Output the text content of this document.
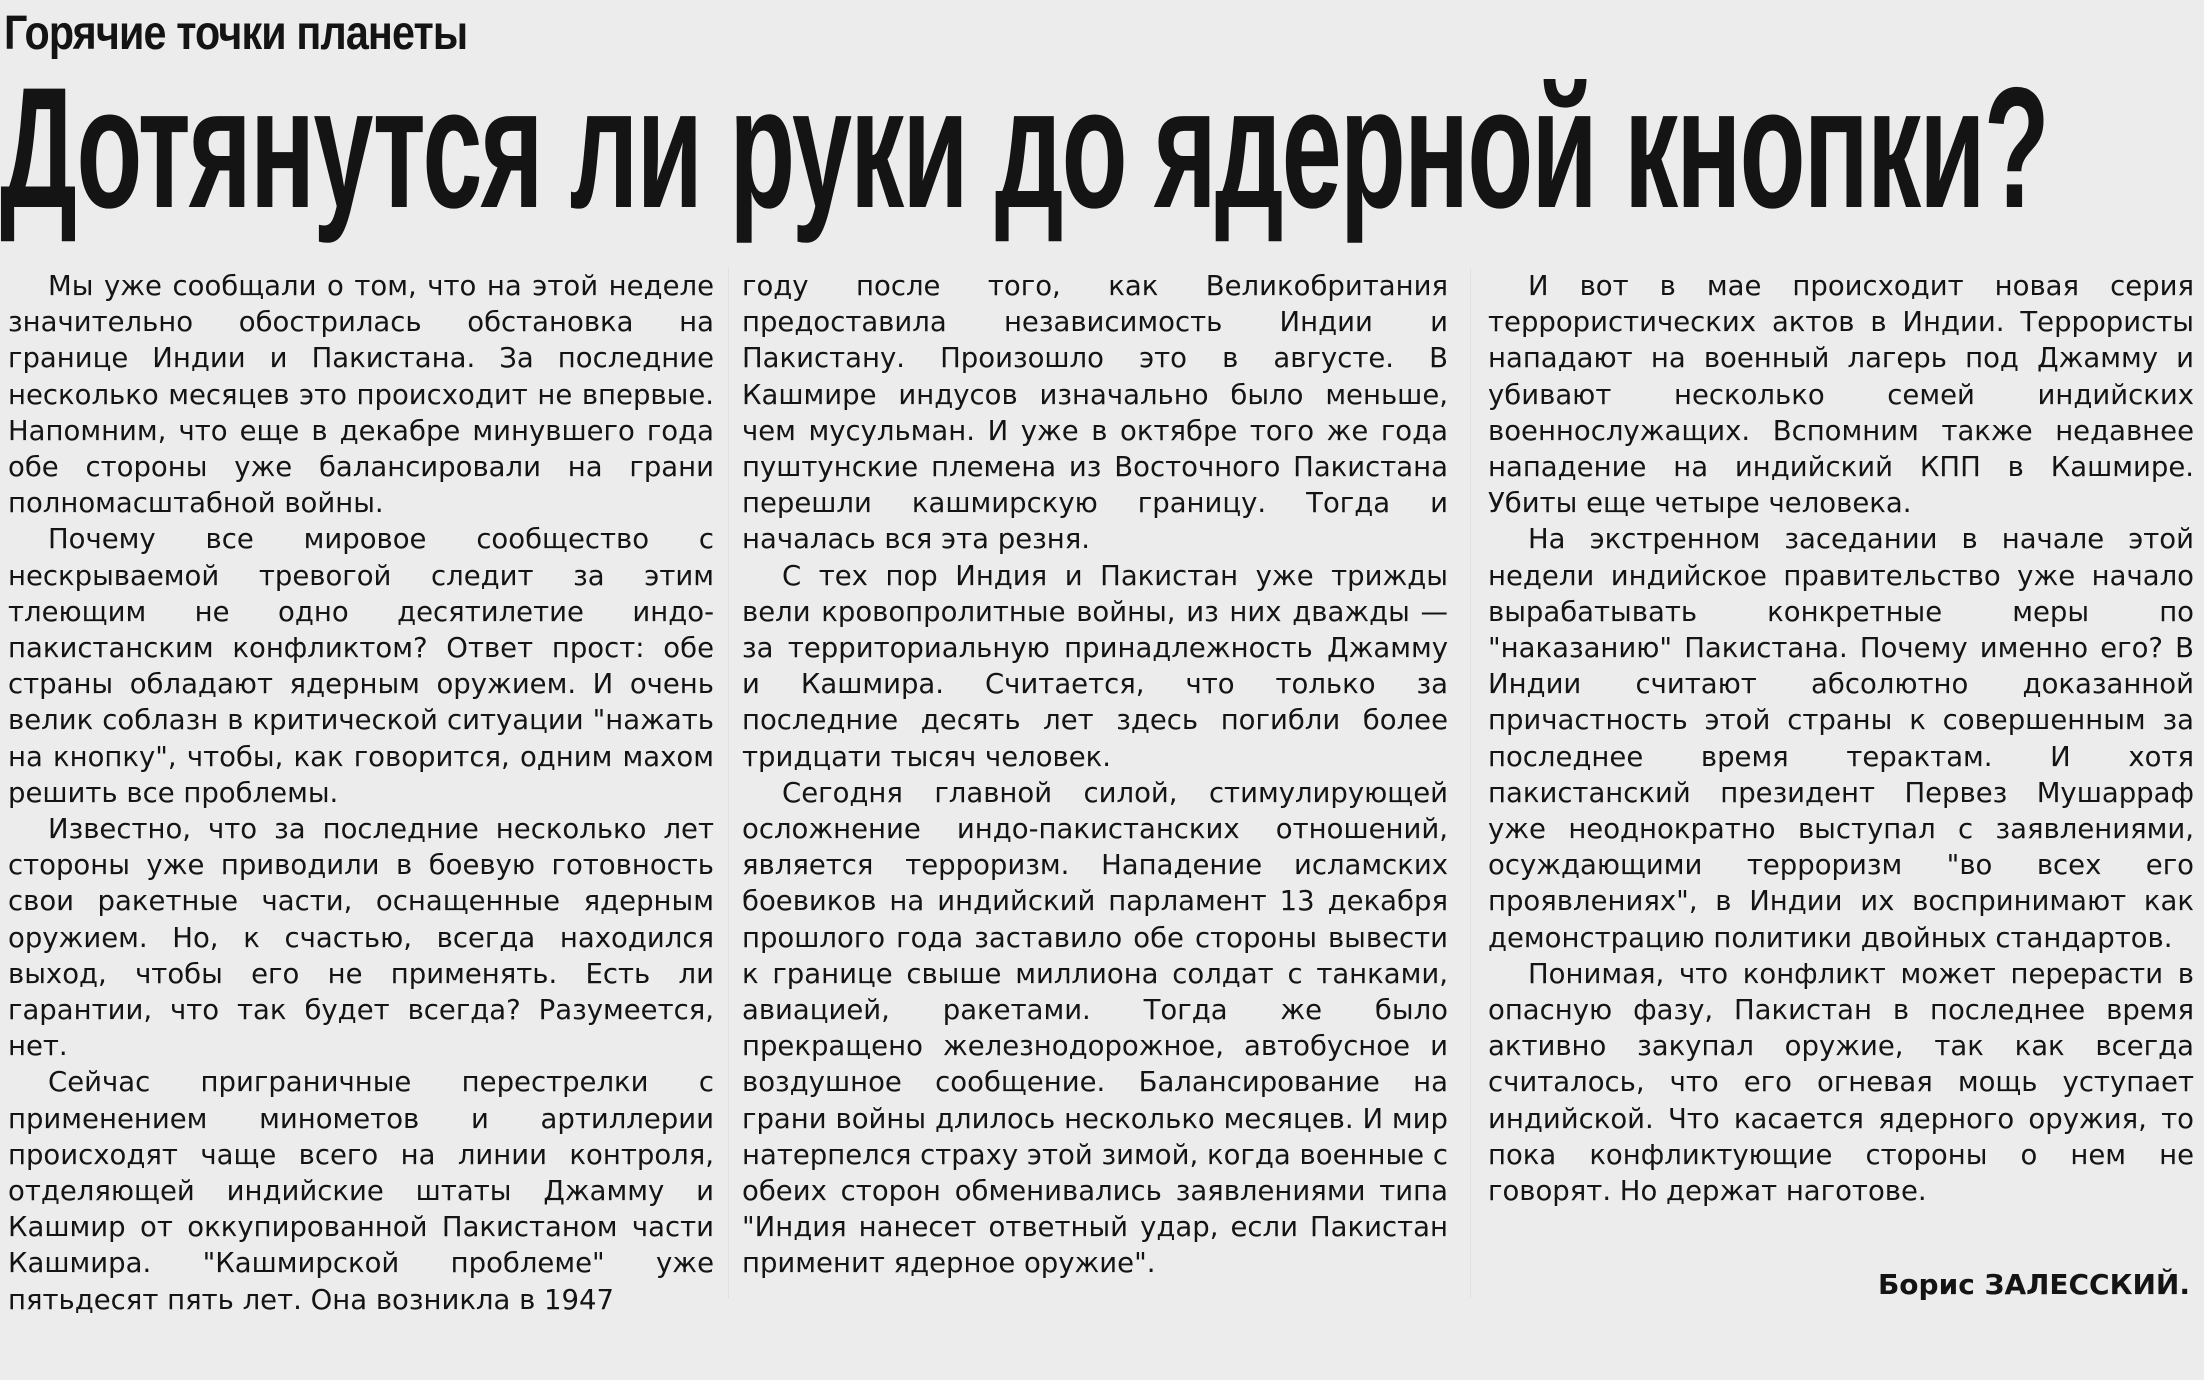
Горячие точки планеты
Дотянутся ли руки до ядерной кнопки?

Мы уже сообщали о том, что на этой неделе значительно обострилась обстановка на границе Индии и Пакистана. За последние несколько месяцев это происходит не впервые. Напомним, что еще в декабре минувшего года обе стороны уже балансировали на грани полномасштабной войны.

Почему все мировое сообщество с нескрываемой тревогой следит за этим тлеющим не одно десятилетие индо-пакистанским конфликтом? Ответ прост: обе страны обладают ядерным оружием. И очень велик соблазн в критической ситуации "нажать на кнопку", чтобы, как говорится, одним махом решить все проблемы.

Известно, что за последние несколько лет стороны уже приводили в боевую готовность свои ракетные части, оснащенные ядерным оружием. Но, к счастью, всегда находился выход, чтобы его не применять. Есть ли гарантии, что так будет всегда? Разумеется, нет.

Сейчас приграничные перестрелки с применением минометов и артиллерии происходят чаще всего на линии контроля, отделяющей индийские штаты Джамму и Кашмир от оккупированной Пакистаном части Кашмира. "Кашмирской проблеме" уже пятьдесят пять лет. Она возникла в 1947

году после того, как Великобритания предоставила независимость Индии и Пакистану. Произошло это в августе. В Кашмире индусов изначально было меньше, чем мусульман. И уже в октябре того же года пуштунские племена из Восточного Пакистана перешли кашмирскую границу. Тогда и началась вся эта резня.

С тех пор Индия и Пакистан уже трижды вели кровопролитные войны, из них дважды — за территориальную принадлежность Джамму и Кашмира. Считается, что только за последние десять лет здесь погибли более тридцати тысяч человек.

Сегодня главной силой, стимулирующей осложнение индо-пакистанских отношений, является терроризм. Нападение исламских боевиков на индийский парламент 13 декабря прошлого года заставило обе стороны вывести к границе свыше миллиона солдат с танками, авиацией, ракетами. Тогда же было прекращено железнодорожное, автобусное и воздушное сообщение. Балансирование на грани войны длилось несколько месяцев. И мир натерпелся страху этой зимой, когда военные с обеих сторон обменивались заявлениями типа "Индия нанесет ответный удар, если Пакистан применит ядерное оружие".

И вот в мае происходит новая серия террористических актов в Индии. Террористы нападают на военный лагерь под Джамму и убивают несколько семей индийских военнослужащих. Вспомним также недавнее нападение на индийский КПП в Кашмире. Убиты еще четыре человека.

На экстренном заседании в начале этой недели индийское правительство уже начало вырабатывать конкретные меры по "наказанию" Пакистана. Почему именно его? В Индии считают абсолютно доказанной причастность этой страны к совершенным за последнее время терактам. И хотя пакистанский президент Первез Мушарраф уже неоднократно выступал с заявлениями, осуждающими терроризм "во всех его проявлениях", в Индии их воспринимают как демонстрацию политики двойных стандартов.

Понимая, что конфликт может перерасти в опасную фазу, Пакистан в последнее время активно закупал оружие, так как всегда считалось, что его огневая мощь уступает индийской. Что касается ядерного оружия, то пока конфликтующие стороны о нем не говорят. Но держат наготове.

Борис ЗАЛЕССКИЙ.
